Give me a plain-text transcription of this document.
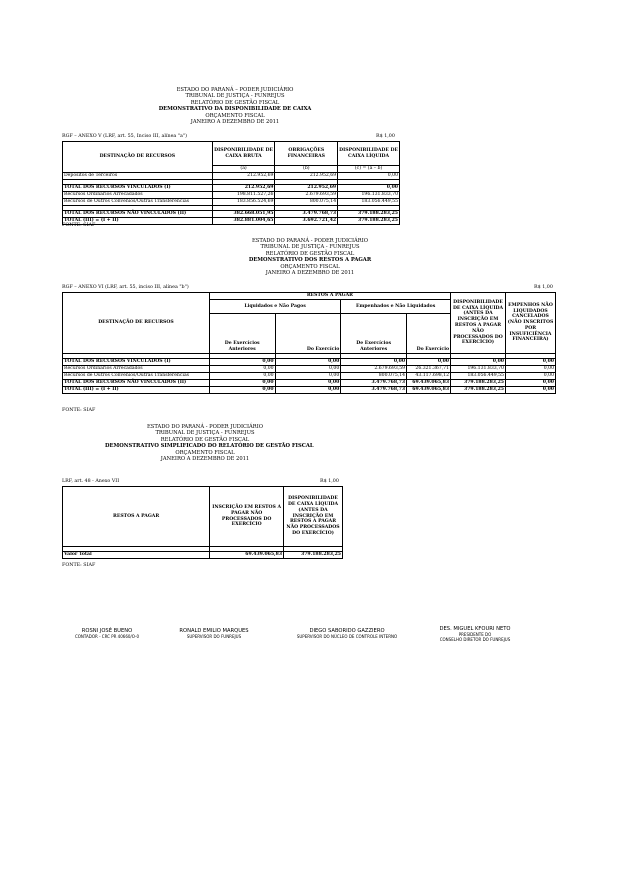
ESTADO DO PARANÁ – PODER JUDICIÁRIO
TRIBUNAL DE JUSTIÇA - FUNREJUS
RELATÓRIO DE GESTÃO FISCAL
DEMONSTRATIVO DA DISPONIBILIDADE DE CAIXA
ORÇAMENTO FISCAL
JANEIRO A DEZEMBRO DE 2011
RGF – ANEXO V (LRF, art. 55, Inciso III, alínea "a")	R$ 1,00
DESTINAÇÃO DE RECURSOS	DISPONIBILIDADE DE CAIXA BRUTA	OBRIGAÇÕES FINANCEIRAS	DISPONIBILIDADE DE CAIXA LÍQUIDA
	(a)	(b)	(c) = (a – b)
Depósitos de Terceiros	212.952,69	212.952,69	0,00

TOTAL DOS RECURSOS VINCULADOS (I)	212.952,69	212.952,69	0,00
Recursos Ordinários Arrecadados	198.811.527,26	2.679.693,59	196.131.833,70
Recursos de Outros Convênios/Outras Transferências	183.856.524,69	800.075,14	183.056.449,55

TOTAL DOS RECURSOS NÃO VINCULADOS (II)	382.668.051,95	3.479.768,73	379.188.283,25
TOTAL (III) = (I + II)	382.881.004,65	3.692.721,42	379.188.283,25
FONTE: SIAF
ESTADO DO PARANÁ - PODER JUDICIÁRIO
TRIBUNAL DE JUSTIÇA - FUNREJUS
RELATÓRIO DE GESTÃO FISCAL
DEMONSTRATIVO DOS RESTOS A PAGAR
ORÇAMENTO FISCAL
JANEIRO A DEZEMBRO DE 2011
RGF – ANEXO VI (LRF, art. 55, inciso III, alínea "b")	R$ 1,00
DESTINAÇÃO DE RECURSOS	RESTOS A PAGAR				DISPONIBILIDADE DE CAIXA LÍQUIDA (ANTES DA INSCRIÇÃO EM RESTOS A PAGAR NÃO PROCESSADOS DO EXERCÍCIO)	EMPENHOS NÃO LIQUIDADOS CANCELADOS (NÃO INSCRITOS POR INSUFICIÊNCIA FINANCEIRA)
	Liquidados e Não Pagos		Empenhados e Não Liquidados			
	De Exercícios Anteriores	Do Exercício	De Exercícios Anteriores	Do Exercício		

TOTAL DOS RECURSOS VINCULADOS (I)	0,00	0,00	0,00	0,00	0,00	0,00
Recursos Ordinários Arrecadados	0,00	0,00	2.679.693,59	26.321.367,71	196.131.833,70	0,00
Recursos de Outros Convênios/Outras Transferências	0,00	0,00	800.075,14	43.117.698,12	183.056.449,55	0,00
TOTAL DOS RECURSOS NÃO VINCULADOS (II)	0,00	0,00	3.479.768,73	69.439.065,83	379.188.283,25	0,00
TOTAL (III) = (I + II)	0,00	0,00	3.479.768,73	69.439.065,83	379.188.283,25	0,00
FONTE: SIAF
ESTADO DO PARANÁ - PODER JUDICIÁRIO
TRIBUNAL DE JUSTIÇA - FUNREJUS
RELATÓRIO DE GESTÃO FISCAL
DEMONSTRATIVO SIMPLIFICADO DO RELATÓRIO DE GESTÃO FISCAL
ORÇAMENTO FISCAL
JANEIRO A DEZEMBRO DE 2011
LRF, art. 48 - Anexo VII	R$ 1,00
RESTOS A PAGAR	INSCRIÇÃO EM RESTOS A PAGAR NÃO PROCESSADOS DO EXERCÍCIO	DISPONIBILIDADE DE CAIXA LÍQUIDA (ANTES DA INSCRIÇÃO EM RESTOS A PAGAR NÃO PROCESSADOS DO EXERCÍCIO)

Valor Total	69.439.065,83	379.188.283,25
FONTE: SIAF
ROSNI JOSÉ BUENO
CONTADOR - CRC PR 40660/O-0
RONALD EMILIO MARQUES
SUPERVISOR DO FUNREJUS
DIEGO SABORIDO GAZZIERO
SUPERVISOR DO NÚCLEO DE CONTROLE INTERNO
DES. MIGUEL KFOURI NETO
PRESIDENTE DO
CONSELHO DIRETOR DO FUNREJUS
